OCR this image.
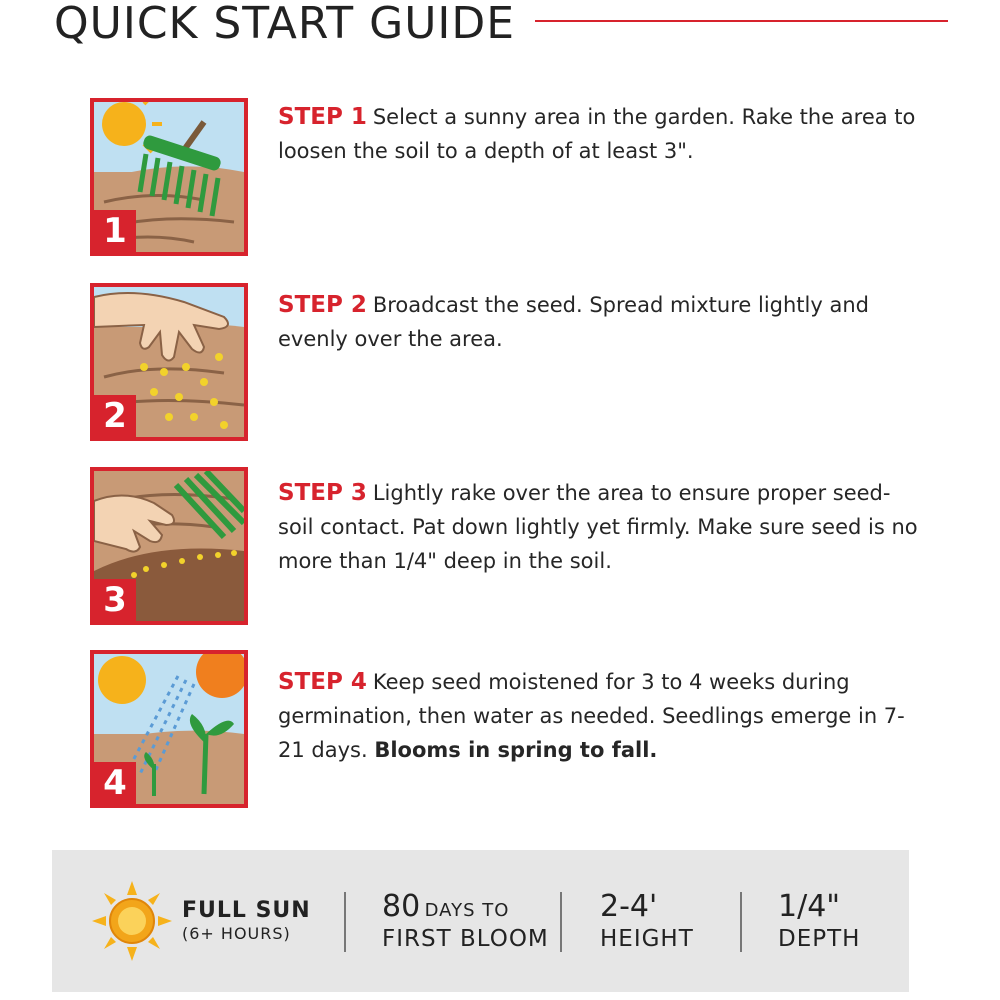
QUICK START GUIDE
1
STEP 1 Select a sunny area in the garden. Rake the area to loosen the soil to a depth of at least 3".
2
STEP 2 Broadcast the seed. Spread mixture lightly and evenly over the area.
3
STEP 3 Lightly rake over the area to ensure proper seed-soil contact. Pat down lightly yet firmly. Make sure seed is no more than 1/4" deep in the soil.
4
STEP 4 Keep seed moistened for 3 to 4 weeks during germination, then water as needed. Seedlings emerge in 7-21 days. Blooms in spring to fall.
FULL SUN
(6+ HOURS)
80 DAYS TO
FIRST BLOOM
2-4'
HEIGHT
1/4"
DEPTH
